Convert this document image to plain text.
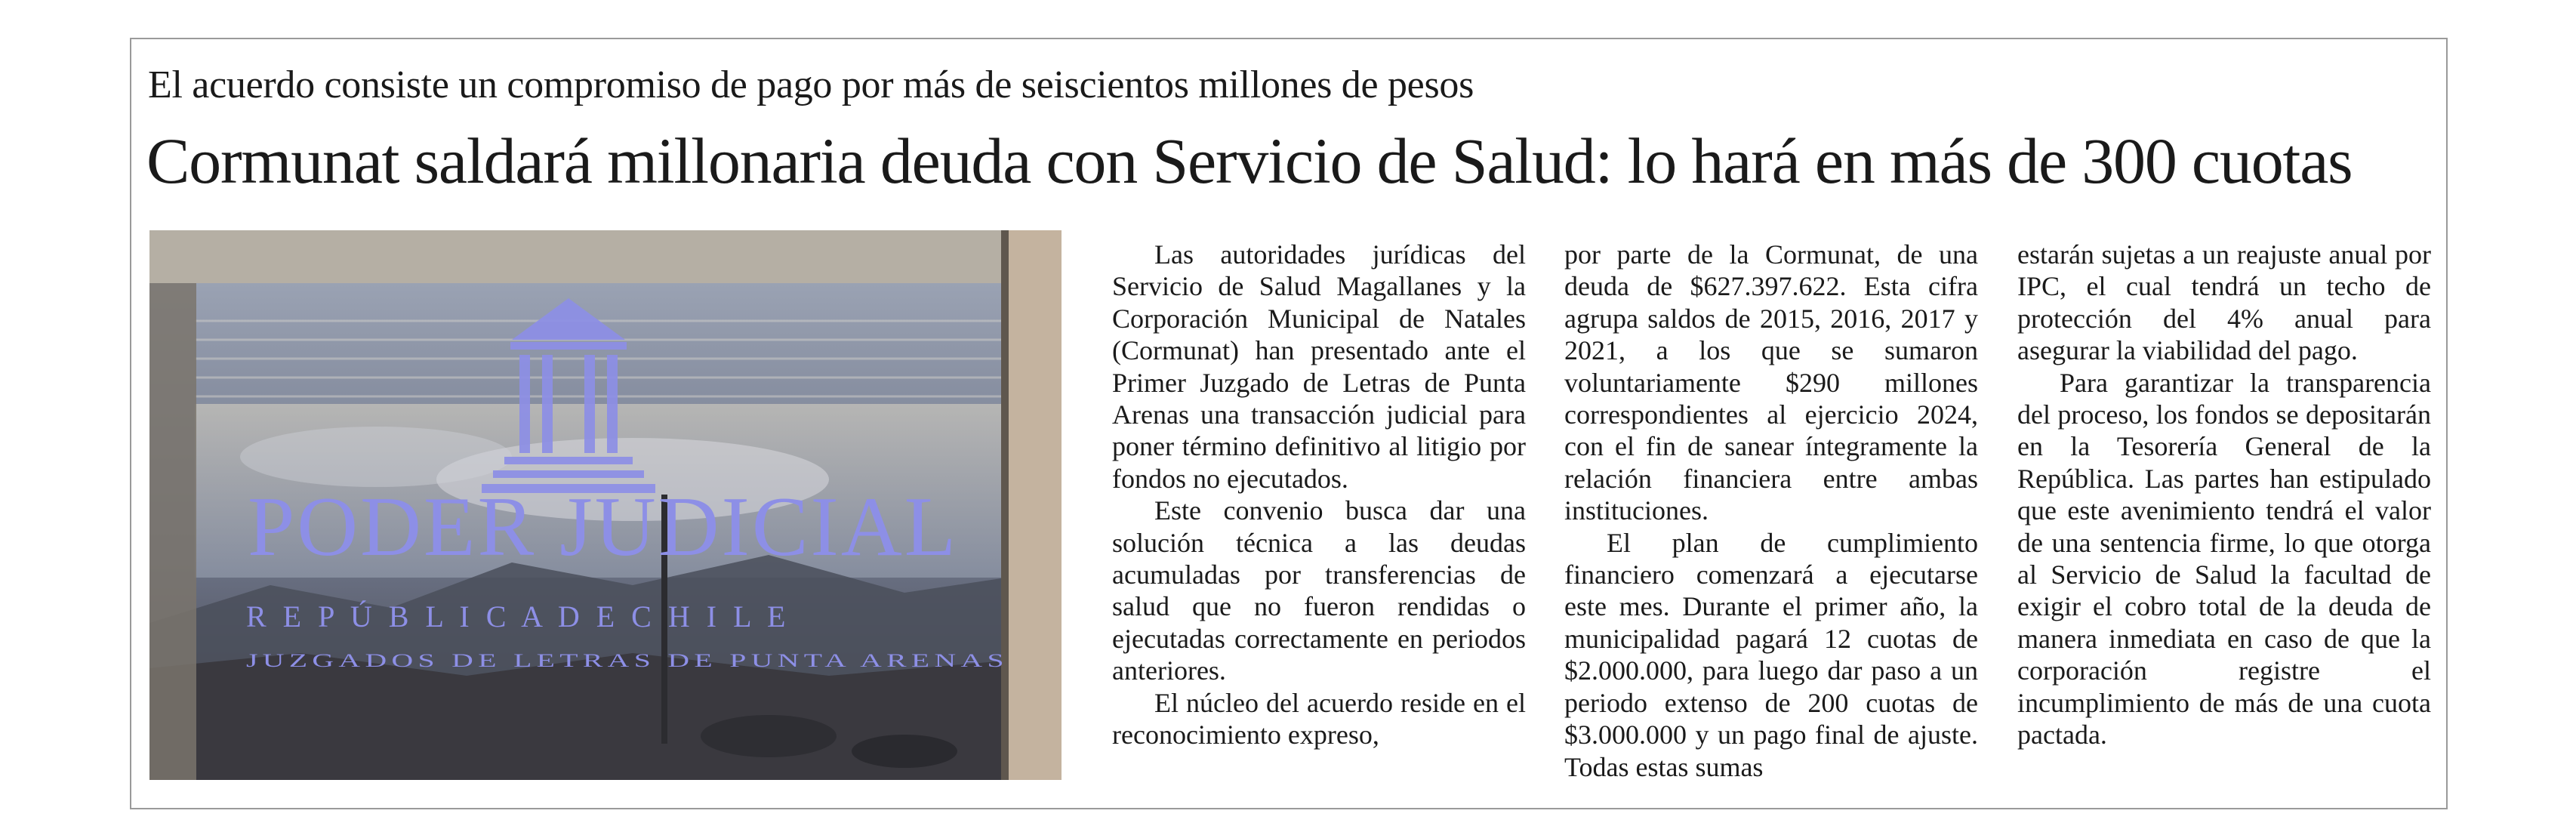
El acuerdo consiste un compromiso de pago por más de seiscientos millones de pesos
Cormunat saldará millonaria deuda con Servicio de Salud: lo hará en más de 300 cuotas
PODER JUDICIAL
R E P Ú B L I C A D E C H I L E
JUZGADOS DE LETRAS DE PUNTA ARENAS

Las autoridades jurídicas del Servicio de Salud Magallanes y la Corporación Municipal de Natales (Cormunat) han presentado ante el Primer Juzgado de Letras de Punta Arenas una transacción judicial para poner término definitivo al litigio por fondos no ejecutados.

Este convenio busca dar una solución técnica a las deudas acumuladas por transferencias de salud que no fueron rendidas o ejecutadas correctamente en periodos anteriores.

El núcleo del acuerdo reside en el reconocimiento expreso,

por parte de la Cormunat, de una deuda de $627.397.622. Esta cifra agrupa saldos de 2015, 2016, 2017 y 2021, a los que se sumaron voluntariamente $290 millones correspondientes al ejercicio 2024, con el fin de sanear íntegramente la relación financiera entre ambas instituciones.

El plan de cumplimiento financiero comenzará a ejecutarse este mes. Durante el primer año, la municipalidad pagará 12 cuotas de $2.000.000, para luego dar paso a un periodo extenso de 200 cuotas de $3.000.000 y un pago final de ajuste. Todas estas sumas

estarán sujetas a un reajuste anual por IPC, el cual tendrá un techo de protección del 4% anual para asegurar la viabilidad del pago.

Para garantizar la transparencia del proceso, los fondos se depositarán en la Tesorería General de la República. Las partes han estipulado que este avenimiento tendrá el valor de una sentencia firme, lo que otorga al Servicio de Salud la facultad de exigir el cobro total de la deuda de manera inmediata en caso de que la corporación registre el incumplimiento de más de una cuota pactada.
